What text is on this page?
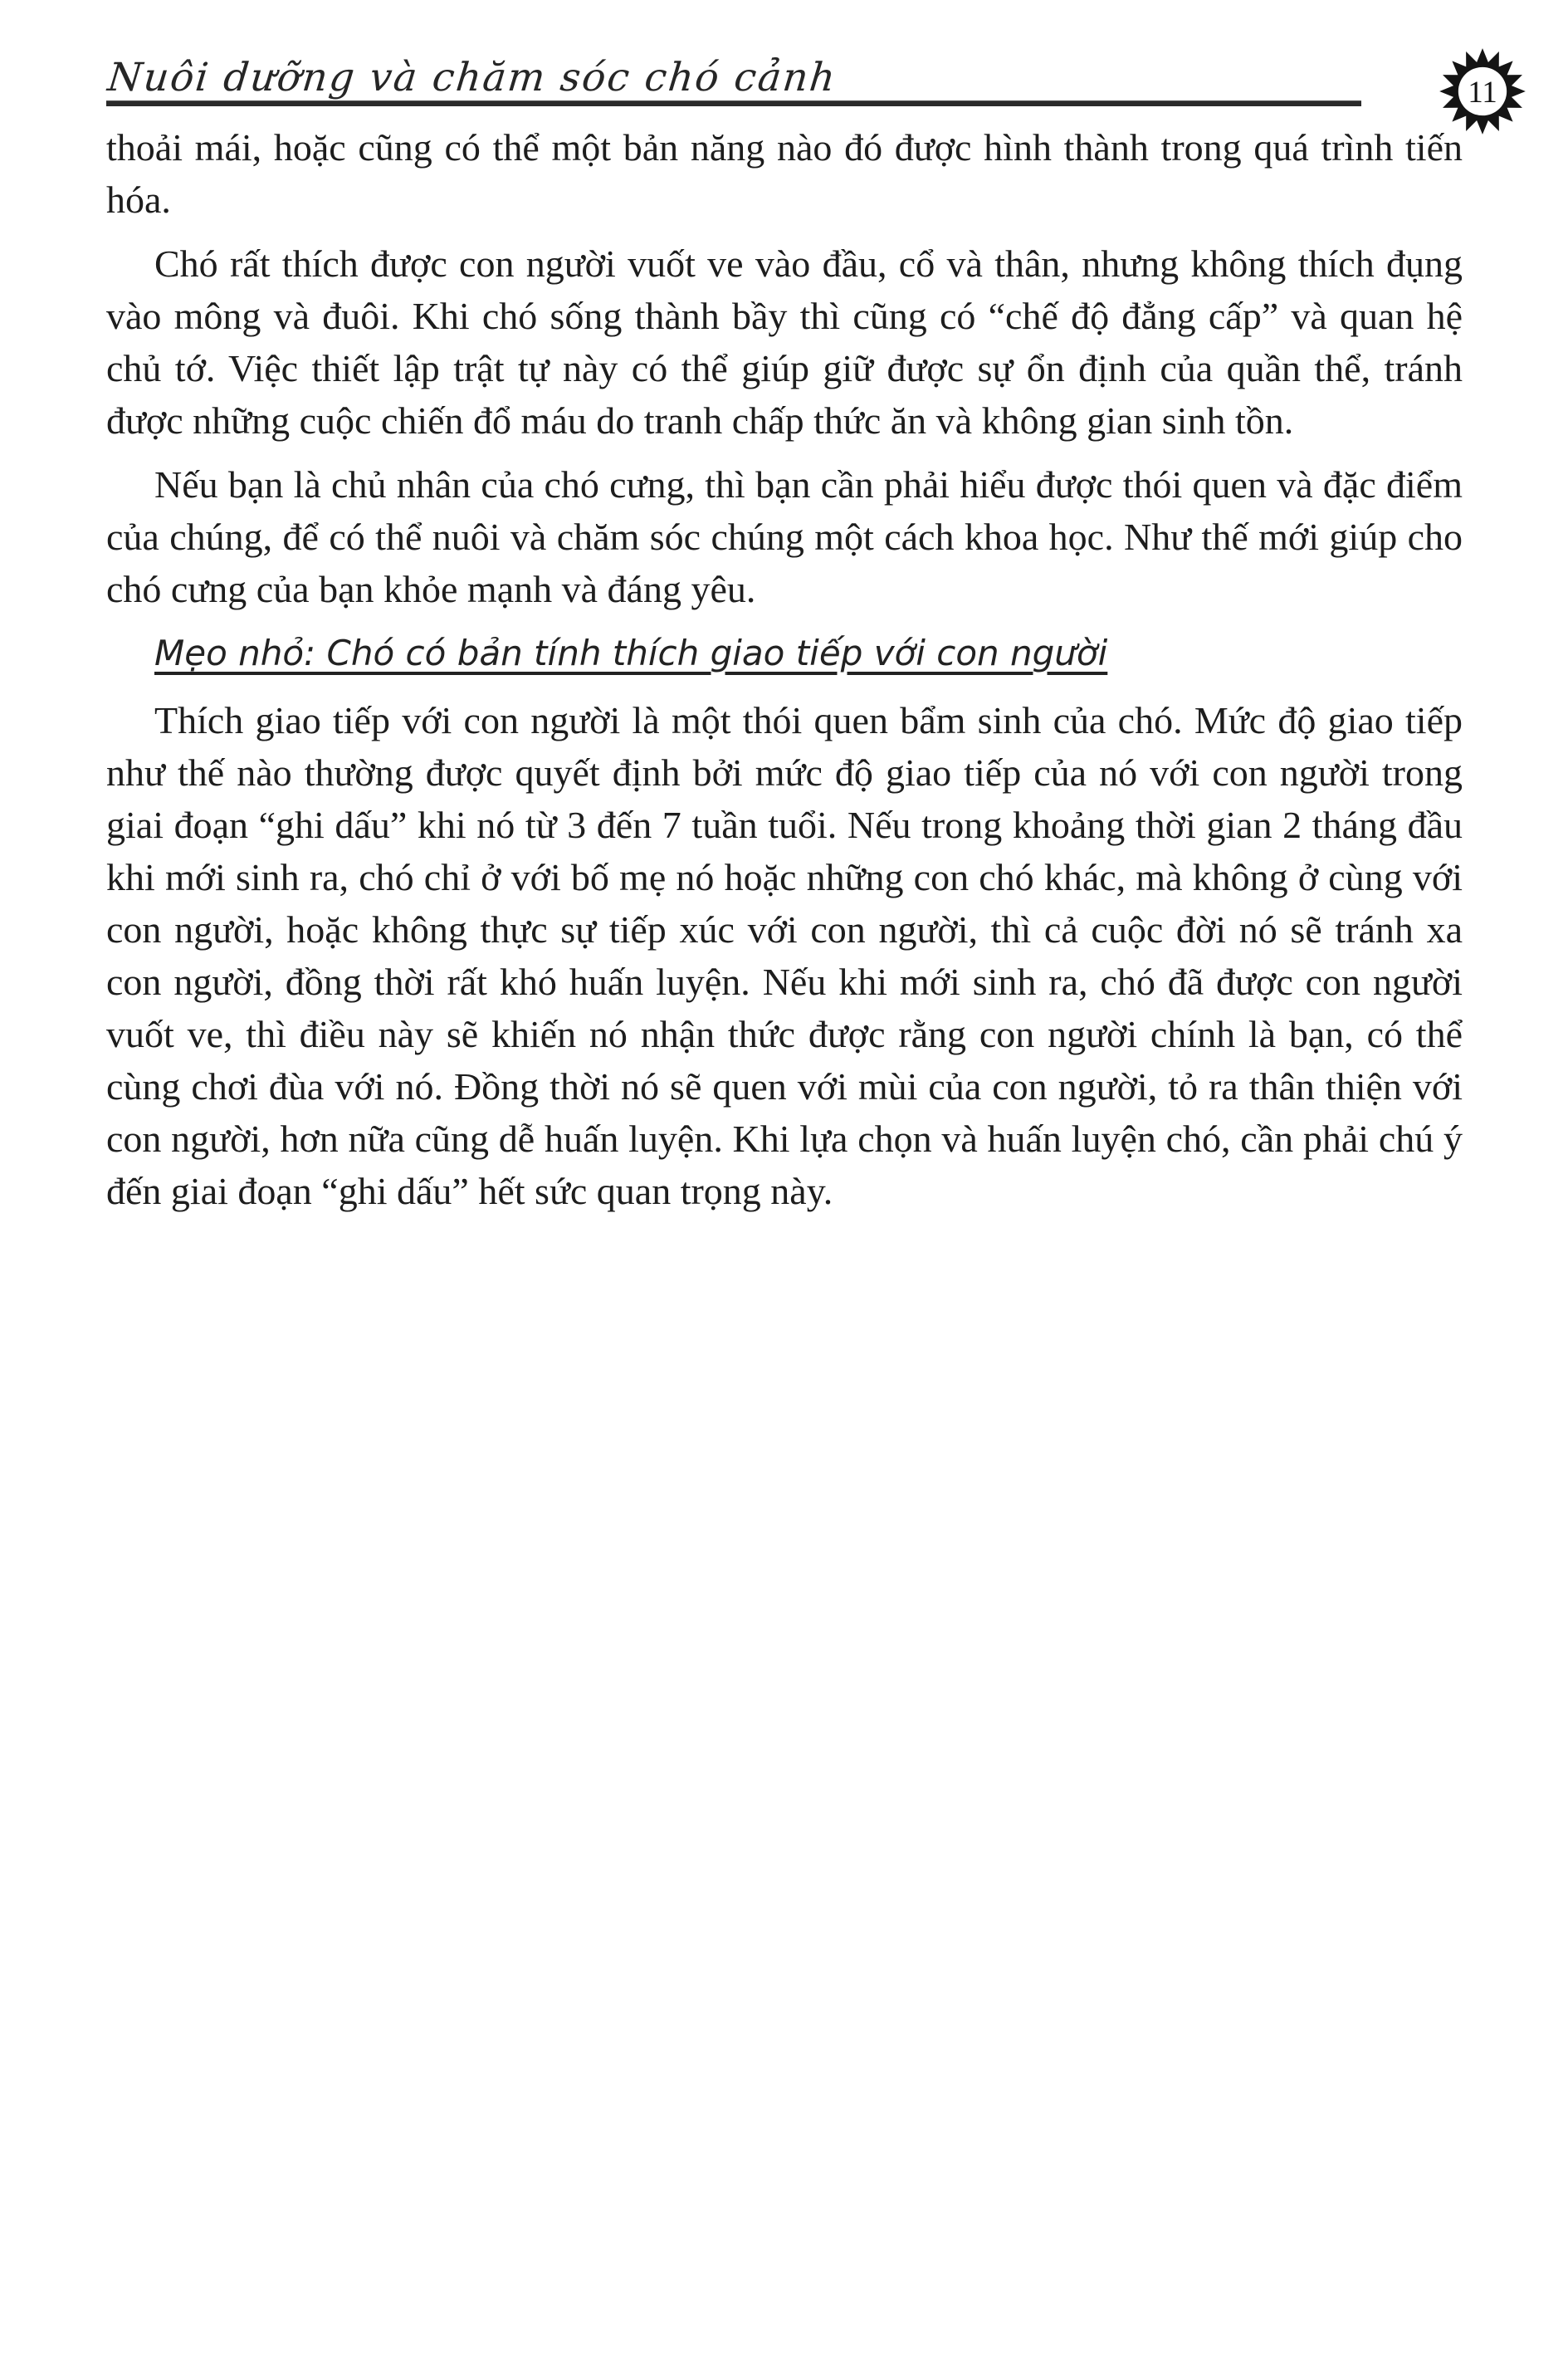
Nuôi dưỡng và chăm sóc chó cảnh	11

thoải mái, hoặc cũng có thể một bản năng nào đó được hình thành trong quá trình tiến hóa.

Chó rất thích được con người vuốt ve vào đầu, cổ và thân, nhưng không thích đụng vào mông và đuôi. Khi chó sống thành bầy thì cũng có “chế độ đẳng cấp” và quan hệ chủ tớ. Việc thiết lập trật tự này có thể giúp giữ được sự ổn định của quần thể, tránh được những cuộc chiến đổ máu do tranh chấp thức ăn và không gian sinh tồn.

Nếu bạn là chủ nhân của chó cưng, thì bạn cần phải hiểu được thói quen và đặc điểm của chúng, để có thể nuôi và chăm sóc chúng một cách khoa học. Như thế mới giúp cho chó cưng của bạn khỏe mạnh và đáng yêu.

Mẹo nhỏ: Chó có bản tính thích giao tiếp với con người

Thích giao tiếp với con người là một thói quen bẩm sinh của chó. Mức độ giao tiếp như thế nào thường được quyết định bởi mức độ giao tiếp của nó với con người trong giai đoạn “ghi dấu” khi nó từ 3 đến 7 tuần tuổi. Nếu trong khoảng thời gian 2 tháng đầu khi mới sinh ra, chó chỉ ở với bố mẹ nó hoặc những con chó khác, mà không ở cùng với con người, hoặc không thực sự tiếp xúc với con người, thì cả cuộc đời nó sẽ tránh xa con người, đồng thời rất khó huấn luyện. Nếu khi mới sinh ra, chó đã được con người vuốt ve, thì điều này sẽ khiến nó nhận thức được rằng con người chính là bạn, có thể cùng chơi đùa với nó. Đồng thời nó sẽ quen với mùi của con người, tỏ ra thân thiện với con người, hơn nữa cũng dễ huấn luyện. Khi lựa chọn và huấn luyện chó, cần phải chú ý đến giai đoạn “ghi dấu” hết sức quan trọng này.
